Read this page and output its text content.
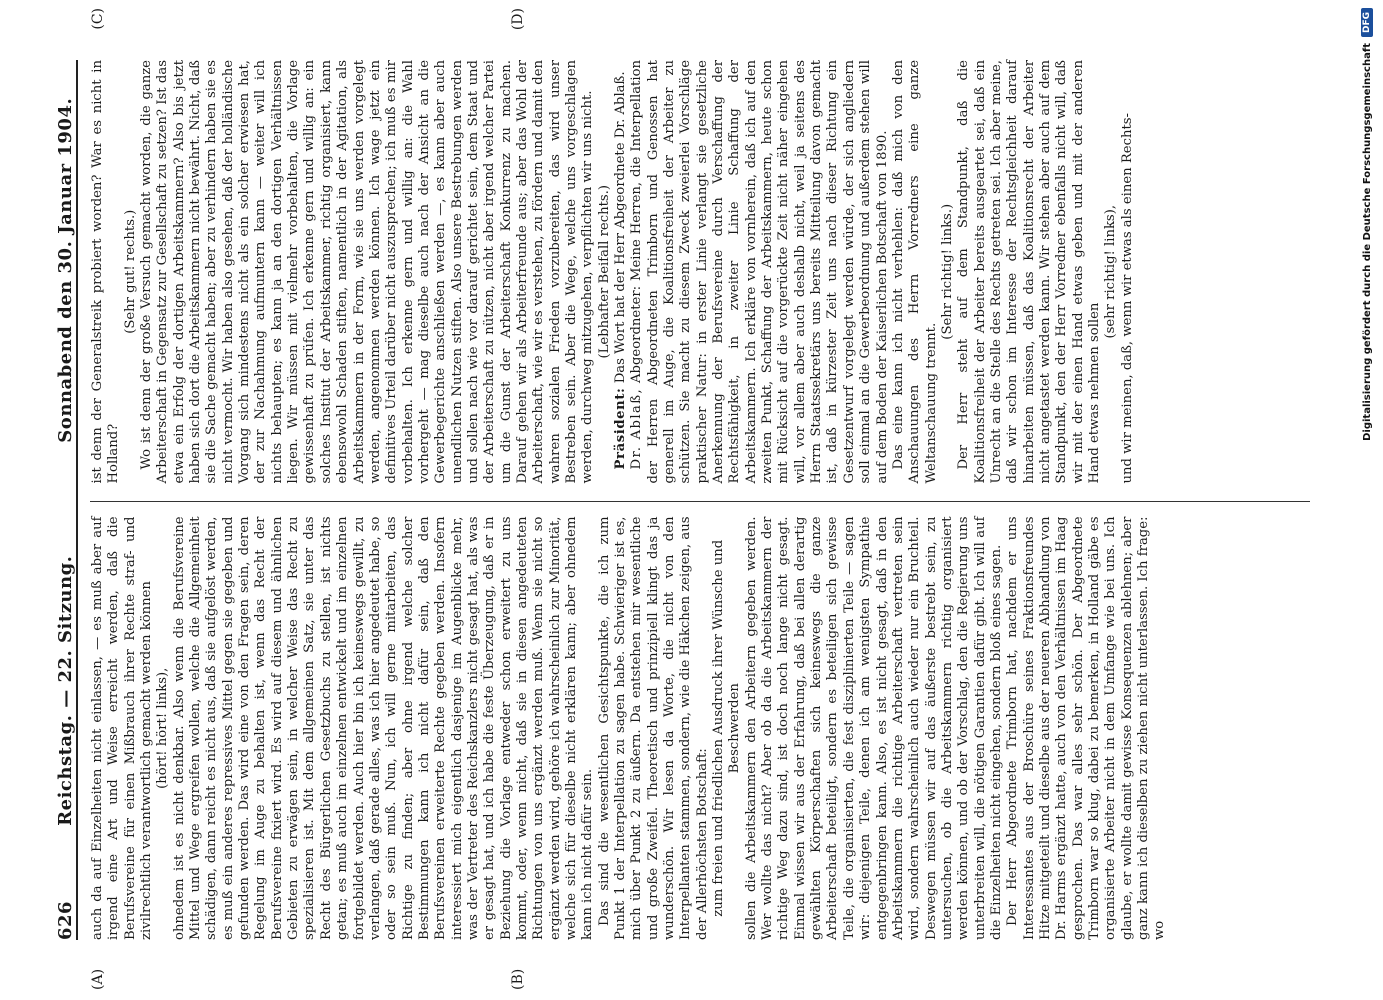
626
Reichstag. — 22. Sitzung.
Sonnabend den 30. Januar 1904.
(A)	(B)

auch da auf Einzelheiten nicht einlassen, — es muß aber auf irgend eine Art und Weise erreicht werden, daß die Berufsvereine für einen Mißbrauch ihrer Rechte straf- und zivilrechtlich verantwortlich gemacht werden können (hört! hört! links), ohnedem ist es nicht denkbar. Also wenn die Berufsvereine Mittel und Wege ergreifen wollen, welche die Allgemeinheit schädigen, dann reicht es nicht aus, daß sie aufgelöst werden, es muß ein anderes repressives Mittel gegen sie gegeben und gefunden werden. Das wird eine von den Fragen sein, deren Regelung im Auge zu behalten ist, wenn das Recht der Berufsvereine fixiert wird. Es wird auf diesem und ähnlichen Gebieten zu erwägen sein, in welcher Weise das Recht zu spezialisieren ist. Mit dem allgemeinen Satz, sie unter das Recht des Bürgerlichen Gesetzbuchs zu stellen, ist nichts getan; es muß auch im einzelnen entwickelt und im einzelnen fortgebildet werden. Auch hier bin ich keineswegs gewillt, zu verlangen, daß gerade alles, was ich hier angedeutet habe, so oder so sein muß. Nun, ich will gerne mitarbeiten, das Richtige zu finden; aber ohne irgend welche solcher Bestimmungen kann ich nicht dafür sein, daß den Berufsvereinen erweiterte Rechte gegeben werden. Insofern interessiert mich eigentlich dasjenige im Augenblicke mehr, was der Vertreter des Reichskanzlers nicht gesagt hat, als was er gesagt hat, und ich habe die feste Überzeugung, daß er in Beziehung die Vorlage entweder schon erweitert zu uns kommt, oder, wenn nicht, daß sie in diesen angedeuteten Richtungen von uns ergänzt werden muß. Wenn sie nicht so ergänzt werden wird, gehöre ich wahrscheinlich zur Minorität, welche sich für dieselbe nicht erklären kann; aber ohnedem kann ich nicht dafür sein. Das sind die wesentlichen Gesichtspunkte, die ich zum Punkt 1 der Interpellation zu sagen habe. Schwieriger ist es, mich über Punkt 2 zu äußern. Da entstehen mir wesentliche und große Zweifel. Theoretisch und prinzipiell klingt das ja wunderschön. Wir lesen da Worte, die nicht von den Interpellanten stammen, sondern, wie die Häkchen zeigen, aus der Allerhöchsten Botschaft: zum freien und friedlichen Ausdruck ihrer Wünsche und Beschwerden sollen die Arbeitskammern den Arbeitern gegeben werden. Wer wollte das nicht? Aber ob da die Arbeitskammern der richtige Weg dazu sind, ist doch noch lange nicht gesagt. Einmal wissen wir aus der Erfahrung, daß bei allen derartig gewählten Körperschaften sich keineswegs die ganze Arbeiterschaft beteiligt, sondern es beteiligen sich gewisse Teile, die organisierten, die fest disziplinierten Teile — sagen wir: diejenigen Teile, denen ich am wenigsten Sympathie entgegenbringen kann. Also, es ist nicht gesagt, daß in den Arbeitskammern die richtige Arbeiterschaft vertreten sein wird, sondern wahrscheinlich auch wieder nur ein Bruchteil. Deswegen müssen wir auf das äußerste bestrebt sein, zu untersuchen, ob die Arbeitskammern richtig organisiert werden können, und ob der Vorschlag, den die Regierung uns unterbreiten will, die nötigen Garantien dafür gibt. Ich will auf die Einzelheiten nicht eingehen, sondern bloß eines sagen. Der Herr Abgeordnete Trimborn hat, nachdem er uns Interessantes aus der Broschüre seines Fraktionsfreundes Hitze mitgeteilt und dieselbe aus der neueren Abhandlung von Dr. Harms ergänzt hatte, auch von den Verhältnissen im Haag gesprochen. Das war alles sehr schön. Der Abgeordnete Trimborn war so klug, dabei zu bemerken, in Holland gäbe es organisierte Arbeiter nicht in dem Umfange wie bei uns. Ich glaube, er wollte damit gewisse Konsequenzen ablehnen; aber ganz kann ich dieselben zu ziehen nicht unterlassen. Ich frage: wo

(C)	(D)

ist denn der Generalstreik probiert worden? War es nicht in Holland?

(Sehr gut! rechts.) Wo ist denn der große Versuch gemacht worden, die ganze Arbeiterschaft in Gegensatz zur Gesellschaft zu setzen? Ist das etwa ein Erfolg der dortigen Arbeitskammern? Also bis jetzt haben sich dort die Arbeitskammern nicht bewährt. Nicht, daß sie die Sache gemacht haben; aber zu verhindern haben sie es nicht vermocht. Wir haben also gesehen, daß der holländische Vorgang sich mindestens nicht als ein solcher erwiesen hat, der zur Nachahmung aufmuntern kann — weiter will ich nichts behaupten; es kann ja an den dortigen Verhältnissen liegen. Wir müssen mit vielmehr vorbehalten, die Vorlage gewissenhaft zu prüfen. Ich erkenne gern und willig an: ein solches Institut der Arbeitskammer, richtig organisiert, kann ebensowohl Schaden stiften, namentlich in der Agitation, als Arbeitskammern in der Form, wie sie uns werden vorgelegt werden, angenommen werden können. Ich wage jetzt ein definitives Urteil darüber nicht auszusprechen; ich muß es mir vorbehalten. Ich erkenne gern und willig an: die Wahl vorhergeht — mag dieselbe auch nach der Ansicht an die Gewerbegerichte anschließen werden —, es kann aber auch unendlichen Nutzen stiften. Also unsere Bestrebungen werden und sollen nach wie vor darauf gerichtet sein, dem Staat und der Arbeiterschaft zu nützen, nicht aber irgend welcher Partei um die Gunst der Arbeiterschaft Konkurrenz zu machen. Darauf gehen wir als Arbeiterfreunde aus; aber das Wohl der Arbeiterschaft, wie wir es verstehen, zu fördern und damit den wahren sozialen Frieden vorzubereiten, das wird unser Bestreben sein. Aber die Wege, welche uns vorgeschlagen werden, durchweg mitzugehen, verpflichten wir uns nicht. (Lebhafter Beifall rechts.)

Präsident: Das Wort hat der Herr Abgeordnete Dr. Ablaß.

Dr. Ablaß, Abgeordneter: Meine Herren, die Interpellation der Herren Abgeordneten Trimborn und Genossen hat generell im Auge, die Koalitionsfreiheit der Arbeiter zu schützen. Sie macht zu diesem Zweck zweierlei Vorschläge praktischer Natur: in erster Linie verlangt sie gesetzliche Anerkennung der Berufsvereine durch Verschaffung der Rechtsfähigkeit, in zweiter Linie Schaffung der Arbeitskammern. Ich erkläre von vornherein, daß ich auf den zweiten Punkt, Schaffung der Arbeitskammern, heute schon mit Rücksicht auf die vorgerückte Zeit nicht näher eingehen will, vor allem aber auch deshalb nicht, weil ja seitens des Herrn Staatssekretärs uns bereits Mitteilung davon gemacht ist, daß in kürzester Zeit uns nach dieser Richtung ein Gesetzentwurf vorgelegt werden würde, der sich angliedern soll einmal an die Gewerbeordnung und außerdem stehen will auf dem Boden der Kaiserlichen Botschaft von 1890. Das eine kann ich nicht verhehlen: daß mich von den Anschauungen des Herrn Vorredners eine ganze Weltanschauung trennt.

(Sehr richtig! links.) Der Herr steht auf dem Standpunkt, daß die Koalitionsfreiheit der Arbeiter bereits ausgeartet sei, daß ein Unrecht an die Stelle des Rechts getreten sei. Ich aber meine, daß wir schon im Interesse der Rechtsgleichheit darauf hinarbeiten müssen, daß das Koalitionsrecht der Arbeiter nicht angetastet werden kann. Wir stehen aber auch auf dem Standpunkt, den der Herr Vorredner ebenfalls nicht will, daß wir mit der einen Hand etwas geben und mit der anderen Hand etwas nehmen sollen

(sehr richtig! links), und wir meinen, daß, wenn wir etwas als einen Rechts-	Digitalisierung gefördert durch die Deutsche Forschungsgemeinschaft
DFG
